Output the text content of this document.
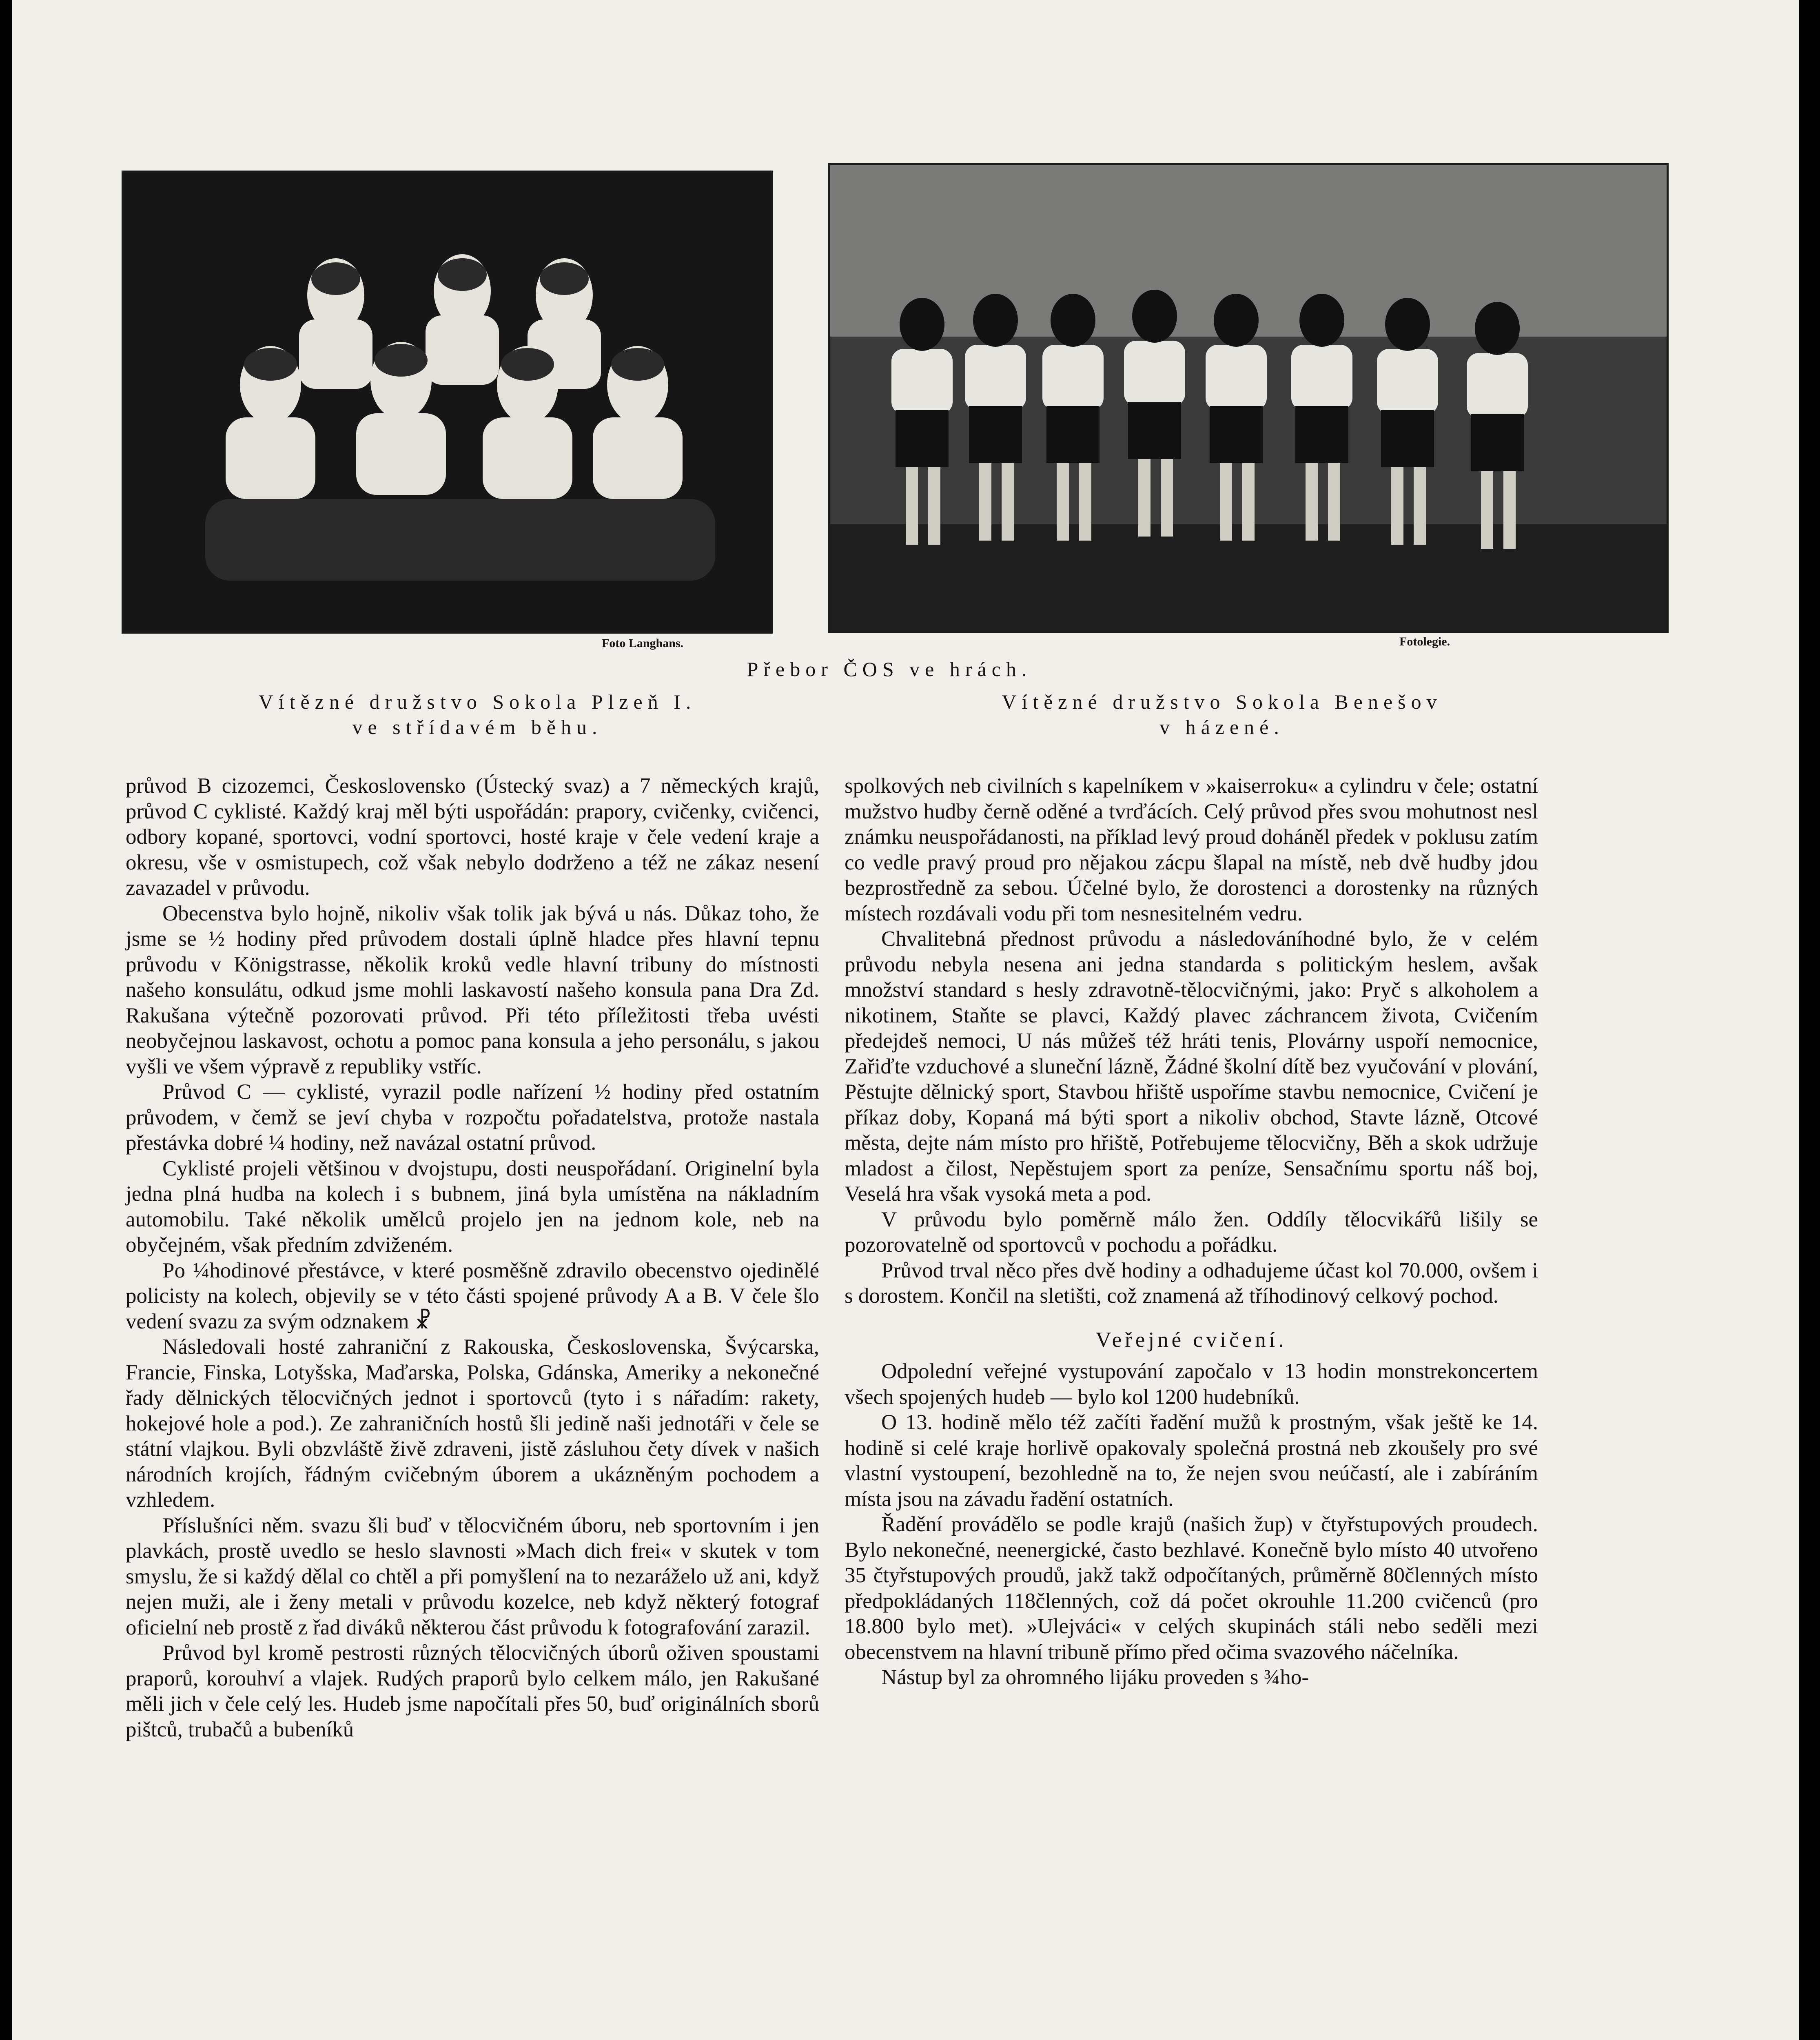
Foto Langhans.	Fotolegie.
Přebor ČOS ve hrách.
Vítězné družstvo Sokola Plzeň I.
ve střídavém běhu.
Vítězné družstvo Sokola Benešov
v házené.

průvod B cizozemci, Československo (Ústecký svaz) a 7 německých krajů, průvod C cyklisté. Každý kraj měl býti uspořádán: prapory, cvičenky, cvičenci, odbory kopané, sportovci, vodní sportovci, hosté kraje v čele vedení kraje a okresu, vše v osmistupech, což však nebylo dodrženo a též ne zákaz nesení zavazadel v průvodu.

Obecenstva bylo hojně, nikoliv však tolik jak bývá u nás. Důkaz toho, že jsme se ½ hodiny před průvodem dostali úplně hladce přes hlavní tepnu průvodu v Königstrasse, několik kroků vedle hlavní tribuny do místnosti našeho konsulátu, odkud jsme mohli laskavostí našeho konsula pana Dra Zd. Rakušana výtečně pozorovati průvod. Při této příležitosti třeba uvésti neobyčejnou laskavost, ochotu a pomoc pana konsula a jeho personálu, s jakou vyšli ve všem výpravě z republiky vstříc.

Průvod C — cyklisté, vyrazil podle nařízení ½ hodiny před ostatním průvodem, v čemž se jeví chyba v rozpočtu pořadatelstva, protože nastala přestávka dobré ¼ hodiny, než navázal ostatní průvod.

Cyklisté projeli většinou v dvojstupu, dosti neuspořádaní. Originelní byla jedna plná hudba na kolech i s bubnem, jiná byla umístěna na nákladním automobilu. Také několik umělců projelo jen na jednom kole, neb na obyčejném, však předním zdviženém.

Po ¼hodinové přestávce, v které posměšně zdravilo obecenstvo ojedinělé policisty na kolech, objevily se v této části spojené průvody A a B. V čele šlo vedení svazu za svým odznakem ☧

Následovali hosté zahraniční z Rakouska, Československa, Švýcarska, Francie, Finska, Lotyšska, Maďarska, Polska, Gdánska, Ameriky a nekonečné řady dělnických tělocvičných jednot i sportovců (tyto i s nářadím: rakety, hokejové hole a pod.). Ze zahraničních hostů šli jedině naši jednotáři v čele se státní vlajkou. Byli obzvláště živě zdraveni, jistě zásluhou čety dívek v našich národních krojích, řádným cvičebným úborem a ukázněným pochodem a vzhledem.

Příslušníci něm. svazu šli buď v tělocvičném úboru, neb sportovním i jen plavkách, prostě uvedlo se heslo slavnosti »Mach dich frei« v skutek v tom smyslu, že si každý dělal co chtěl a při pomyšlení na to nezaráželo už ani, když nejen muži, ale i ženy metali v průvodu kozelce, neb když některý fotograf oficielní neb prostě z řad diváků některou část průvodu k fotografování zarazil.

Průvod byl kromě pestrosti různých tělocvičných úborů oživen spoustami praporů, korouhví a vlajek. Rudých praporů bylo celkem málo, jen Rakušané měli jich v čele celý les. Hudeb jsme napočítali přes 50, buď originálních sborů pištců, trubačů a bubeníků

spolkových neb civilních s kapelníkem v »kaiserroku« a cylindru v čele; ostatní mužstvo hudby černě oděné a tvrďácích. Celý průvod přes svou mohutnost nesl známku neuspořádanosti, na příklad levý proud doháněl předek v poklusu zatím co vedle pravý proud pro nějakou zácpu šlapal na místě, neb dvě hudby jdou bezprostředně za sebou. Účelné bylo, že dorostenci a dorostenky na různých místech rozdávali vodu při tom nesnesitelném vedru.

Chvalitebná přednost průvodu a následováníhodné bylo, že v celém průvodu nebyla nesena ani jedna standarda s politickým heslem, avšak množství standard s hesly zdravotně-tělocvičnými, jako: Pryč s alkoholem a nikotinem, Staňte se plavci, Každý plavec záchrancem života, Cvičením předejdeš nemoci, U nás můžeš též hráti tenis, Plovárny uspoří nemocnice, Zařiďte vzduchové a sluneční lázně, Žádné školní dítě bez vyučování v plování, Pěstujte dělnický sport, Stavbou hřiště uspoříme stavbu nemocnice, Cvičení je příkaz doby, Kopaná má býti sport a nikoliv obchod, Stavte lázně, Otcové města, dejte nám místo pro hřiště, Potřebujeme tělocvičny, Běh a skok udržuje mladost a čilost, Nepěstujem sport za peníze, Sensačnímu sportu náš boj, Veselá hra však vysoká meta a pod.

V průvodu bylo poměrně málo žen. Oddíly tělocvikářů lišily se pozorovatelně od sportovců v pochodu a pořádku.

Průvod trval něco přes dvě hodiny a odhadujeme účast kol 70.000, ovšem i s dorostem. Končil na sletišti, což znamená až tříhodinový celkový pochod.

Veřejné cvičení.

Odpolední veřejné vystupování započalo v 13 hodin monstrekoncertem všech spojených hudeb — bylo kol 1200 hudebníků.

O 13. hodině mělo též začíti řadění mužů k prostným, však ještě ke 14. hodině si celé kraje horlivě opakovaly společná prostná neb zkoušely pro své vlastní vystoupení, bezohledně na to, že nejen svou neúčastí, ale i zabíráním místa jsou na závadu řadění ostatních.

Řadění provádělo se podle krajů (našich žup) v čtyřstupových proudech. Bylo nekonečné, neenergické, často bezhlavé. Konečně bylo místo 40 utvořeno 35 čtyřstupových proudů, jakž takž odpočítaných, průměrně 80členných místo předpokládaných 118členných, což dá počet okrouhle 11.200 cvičenců (pro 18.800 bylo met). »Ulejváci« v celých skupinách stáli nebo seděli mezi obecenstvem na hlavní tribuně přímo před očima svazového náčelníka.

Nástup byl za ohromného lijáku proveden s ¾ho-
